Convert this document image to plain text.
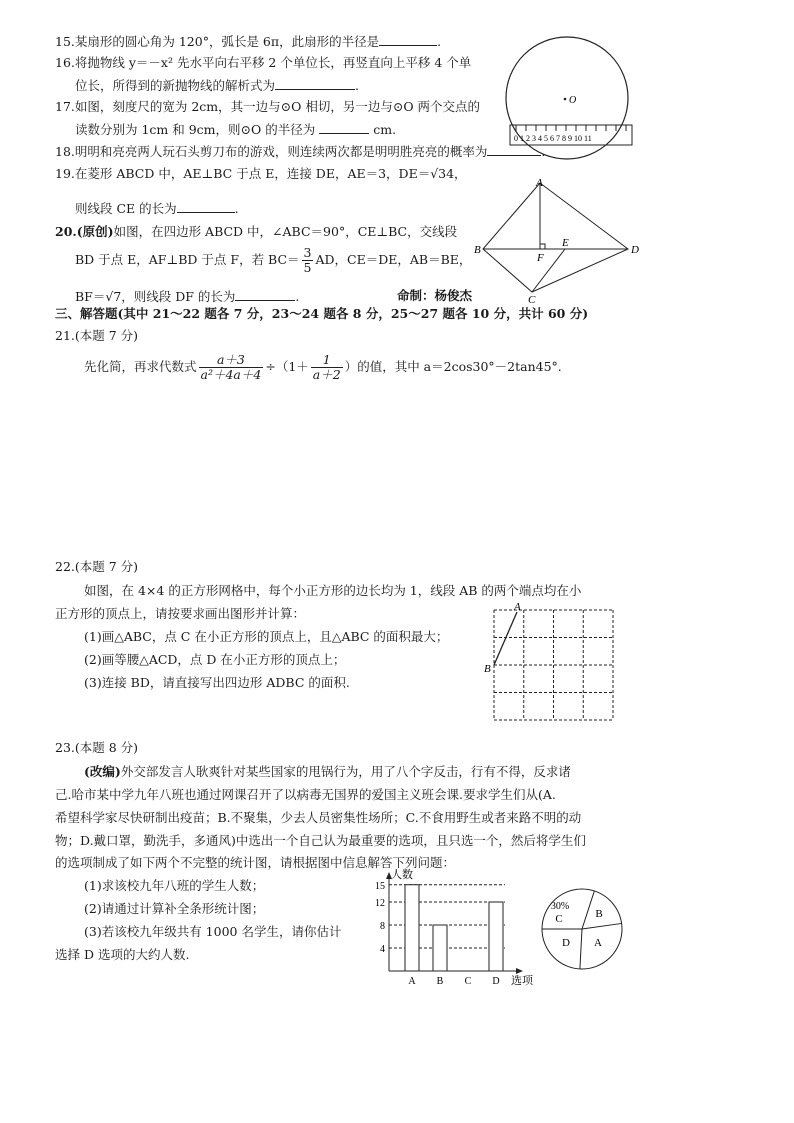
15.某扇形的圆心角为 120°，弧长是 6π，此扇形的半径是	.
16.将抛物线 y＝－x² 先水平向右平移 2 个单位长，再竖直向上平移 4 个单
位长，所得到的新抛物线的解析式为	.
17.如图，刻度尺的宽为 2cm，其一边与⊙O 相切，另一边与⊙O 两个交点的
读数分别为 1cm 和 9cm，则⊙O 的半径为	cm.
18.明明和亮亮两人玩石头剪刀布的游戏，则连续两次都是明明胜亮亮的概率为	.
19.在菱形 ABCD 中，AE⊥BC 于点 E，连接 DE，AE＝3，DE＝√34，
则线段 CE 的长为	.
20.(原创)如图，在四边形 ABCD 中，∠ABC＝90°，CE⊥BC，交线段
BD 于点 E，AF⊥BD 于点 F，若 $BC= \frac{3}{5}$ AD，CE＝DE，AB＝BE，
BF＝√7，则线段 DF 的长为	.	命制：杨俊杰
O
0 1 2 3 4 5 6 7 8 9 10 11
A
B
C
D
E
F
三、解答题(其中 21～22 题各 7 分，23～24 题各 8 分，25～27 题各 10 分，共计 60 分)
21.(本题 7 分)
先化简，再求代数式 $\frac{a+3}{\text{a²＋4a＋4}} \div(1+ \frac{1}{a+2}$ ）的值，其中 a＝2cos30°－2tan45°.
22.(本题 7 分)
如图，在 4×4 的正方形网格中，每个小正方形的边长均为 1，线段 AB 的两个端点均在小
正方形的顶点上，请按要求画出图形并计算：
(1)画△ABC，点 C 在小正方形的顶点上，且△ABC 的面积最大；
(2)画等腰△ACD，点 D 在小正方形的顶点上；
(3)连接 BD，请直接写出四边形 ADBC 的面积.
A
B
23.(本题 8 分)
(改编)外交部发言人耿爽针对某些国家的甩锅行为，用了八个字反击，行有不得，反求诸
己.哈市某中学九年八班也通过网课召开了以病毒无国界的爱国主义班会课.要求学生们从(A.
希望科学家尽快研制出疫苗；B.不聚集，少去人员密集性场所；C.不食用野生或者来路不明的动
物；D.戴口罩，勤洗手，多通风)中选出一个自己认为最重要的选项，且只选一个，然后将学生们
的选项制成了如下两个不完整的统计图，请根据图中信息解答下列问题：
(1)求该校九年八班的学生人数；
(2)请通过计算补全条形统计图；
(3)若该校九年级共有 1000 名学生，请你估计
选择 D 选项的大约人数.
人数
选项
4
8
12
15
A B C D
C	B
A
D
30%
